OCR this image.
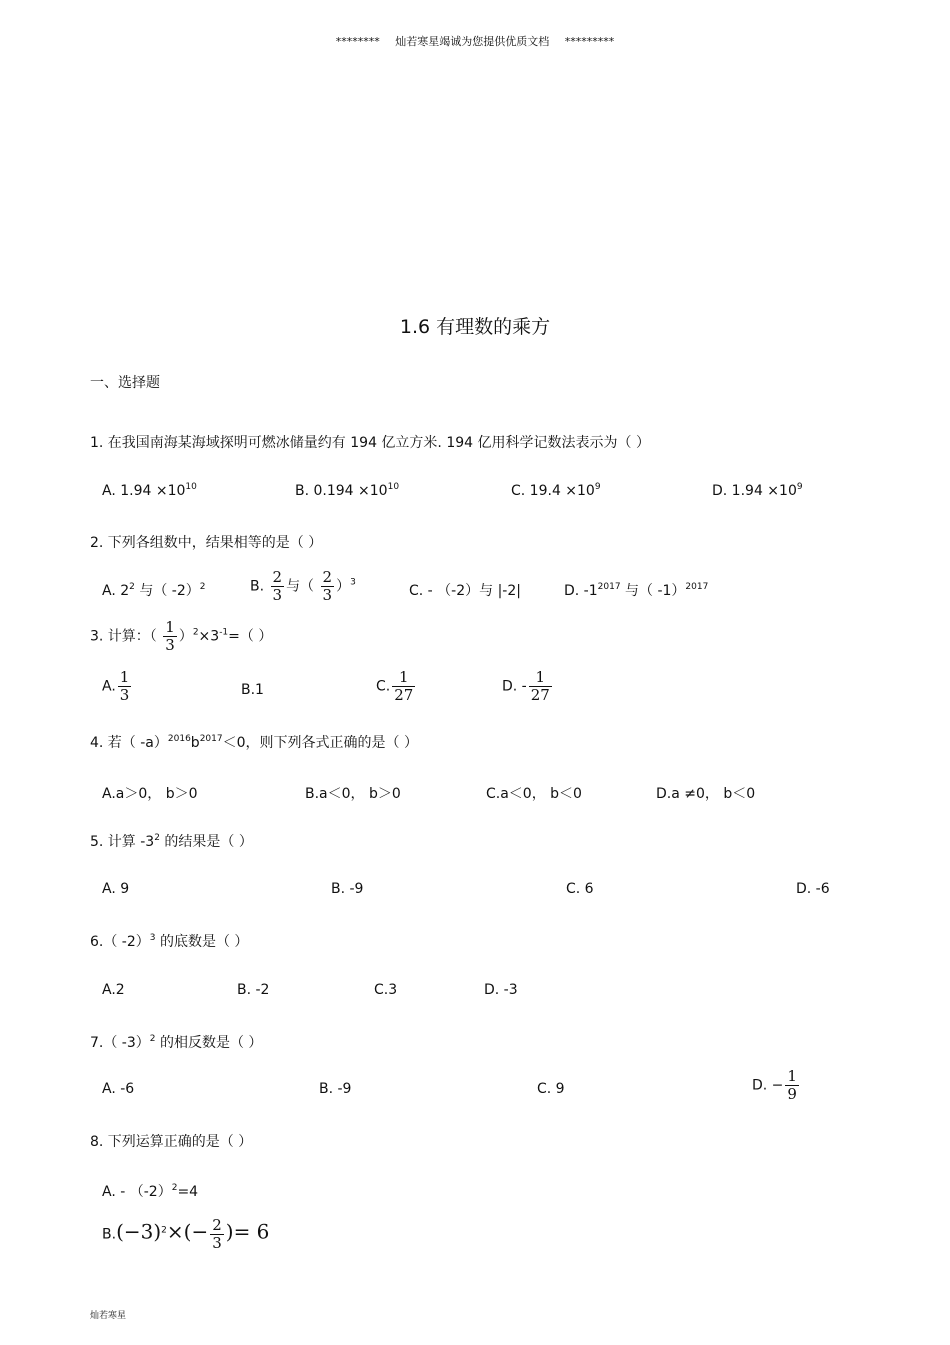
******** 灿若寒星竭诚为您提供优质文档 *********
1.6 有理数的乘方
一、选择题
1. 在我国南海某海域探明可燃冰储量约有 194 亿立方米. 194 亿用科学记数法表示为（ ）
A. $1.94 \times 10^{10}$	B. $0.194 \times 10^{10}$	C. $19.4 \times 10^9$	D. $1.94 \times 10^9$
2. 下列各组数中，结果相等的是（ ）
A. $2^2$ 与（ -2）$^2$	B. $\frac{2}{3}$ 与（ $\frac{2}{3} )^3$
C. - （-2）与 |-2|	D. $-1^{2017}$ 与（ -1）$^{2017}$
3. 计算：（ $\frac{1}{3} )^2\times 3^{-1}=$（ ）
A. $\frac{1}{3}$	B.1	C. $\frac{1}{27}$	D. - $\frac{1}{27}$
4. 若（ $-a)^{2016}b^{2017}<0$，则下列各式正确的是（ ）
A.a＞0， b＞0	B.a＜0， b＞0	C.a＜0， b＜0	D.a ≠0， b＜0
5. 计算 $-3^2$ 的结果是（ ）
A. 9	B. -9	C. 6	D. -6
6.（ -2）$^3$ 的底数是（ ）
A.2	B. -2	C.3	D. -3
7.（ -3）$^2$ 的相反数是（ ）
A. -6	B. -9	C. 9	D. − $\frac{1}{9}$
8. 下列运算正确的是（ ）
A. - $(-2)^2=4$
$B.(-3)^2\times(- \frac{2}{3}$ )= 6
灿若寒星
